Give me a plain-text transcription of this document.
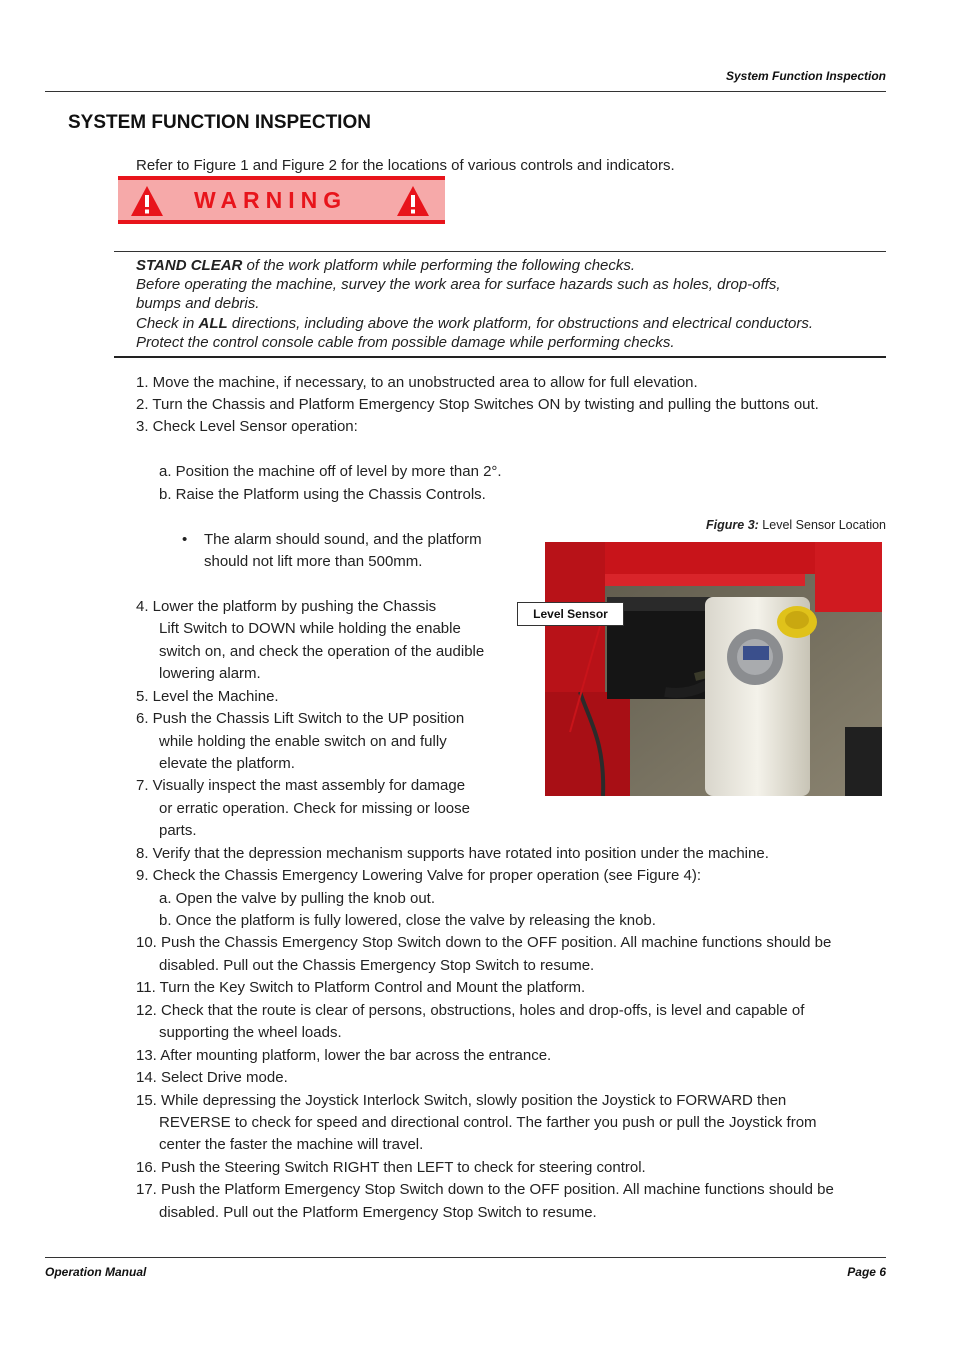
System Function Inspection
SYSTEM FUNCTION INSPECTION
Refer to Figure 1 and Figure 2 for the locations of various controls and indicators.
WARNING
STAND CLEAR of the work platform while performing the following checks.
Before operating the machine, survey the work area for surface hazards such as holes, drop-offs,
bumps and debris.
Check in ALL directions, including above the work platform, for obstructions and electrical conductors.
Protect the control console cable from possible damage while performing checks.
1. Move the machine, if necessary, to an unobstructed area to allow for full elevation.
2. Turn the Chassis and Platform Emergency Stop Switches ON by twisting and pulling the buttons out.
3. Check Level Sensor operation:
a. Position the machine off of level by more than 2°.
b. Raise the Platform using the Chassis Controls.
• The alarm should sound, and the platform
should not lift more than 500mm.
4. Lower the platform by pushing the Chassis
Lift Switch to DOWN while holding the enable
switch on, and check the operation of the audible
lowering alarm.
5. Level the Machine.
6. Push the Chassis Lift Switch to the UP position
while holding the enable switch on and fully
elevate the platform.
7. Visually inspect the mast assembly for damage
or erratic operation. Check for missing or loose
parts.
8. Verify that the depression mechanism supports have rotated into position under the machine.
9. Check the Chassis Emergency Lowering Valve for proper operation (see Figure 4):
a. Open the valve by pulling the knob out.
b. Once the platform is fully lowered, close the valve by releasing the knob.
10. Push the Chassis Emergency Stop Switch down to the OFF position. All machine functions should be
disabled. Pull out the Chassis Emergency Stop Switch to resume.
11. Turn the Key Switch to Platform Control and Mount the platform.
12. Check that the route is clear of persons, obstructions, holes and drop-offs, is level and capable of
supporting the wheel loads.
13. After mounting platform, lower the bar across the entrance.
14. Select Drive mode.
15. While depressing the Joystick Interlock Switch, slowly position the Joystick to FORWARD then
REVERSE to check for speed and directional control. The farther you push or pull the Joystick from
center the faster the machine will travel.
16. Push the Steering Switch RIGHT then LEFT to check for steering control.
17. Push the Platform Emergency Stop Switch down to the OFF position. All machine functions should be
disabled. Pull out the Platform Emergency Stop Switch to resume.
Figure 3: Level Sensor Location
Level Sensor
Operation Manual	Page 6
